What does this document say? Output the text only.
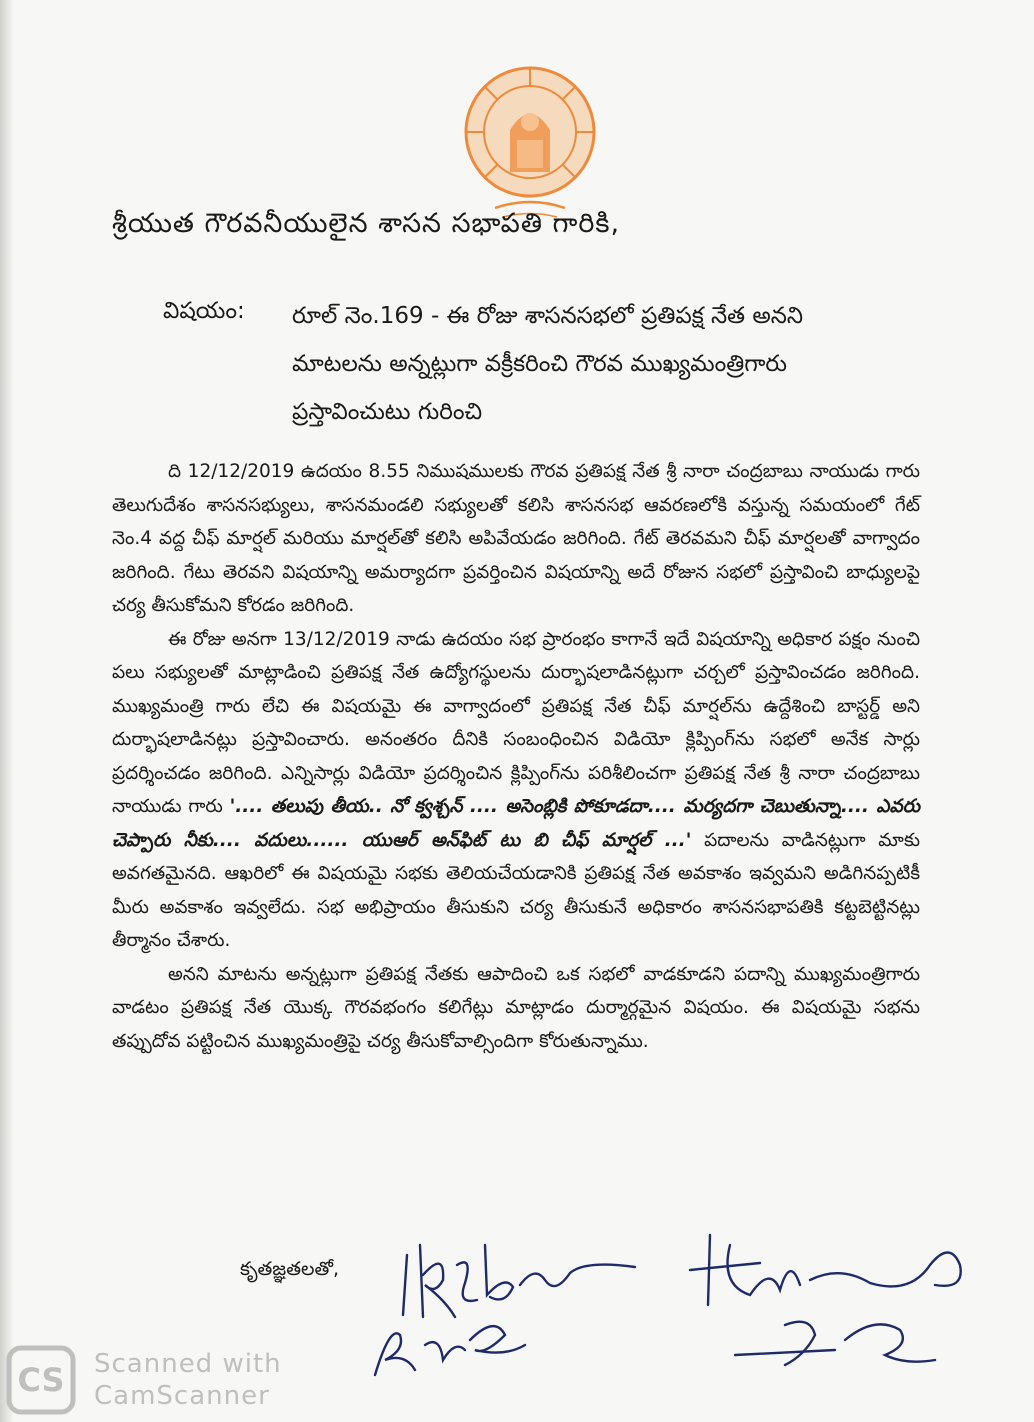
శ్రీయుత గౌరవనీయులైన శాసన సభాపతి గారికి,
విషయం: రూల్ నెం.169 - ఈ రోజు శాసనసభలో ప్రతిపక్ష నేత అనని
మాటలను అన్నట్లుగా వక్రీకరించి గౌరవ ముఖ్యమంత్రిగారు
ప్రస్తావించుటు గురించి

ది 12/12/2019 ఉదయం 8.55 నిముషములకు గౌరవ ప్రతిపక్ష నేత శ్రీ నారా చంద్రబాబు నాయుడు గారు తెలుగుదేశం శాసనసభ్యులు, శాసనమండలి సభ్యులతో కలిసి శాసనసభ ఆవరణలోకి వస్తున్న సమయంలో గేట్ నెం.4 వద్ద చీఫ్ మార్షల్ మరియు మార్షల్‌తో కలిసి అపివేయడం జరిగింది. గేట్ తెరవమని చీఫ్ మార్షలతో వాగ్వాదం జరిగింది. గేటు తెరవని విషయాన్ని అమర్యాదగా ప్రవర్తించిన విషయాన్ని అదే రోజున సభలో ప్రస్తావించి బాధ్యులపై చర్య తీసుకోమని కోరడం జరిగింది.

ఈ రోజు అనగా 13/12/2019 నాడు ఉదయం సభ ప్రారంభం కాగానే ఇదే విషయాన్ని అధికార పక్షం నుంచి పలు సభ్యులతో మాట్లాడించి ప్రతిపక్ష నేత ఉద్యోగస్థులను దుర్భాషలాడినట్లుగా చర్చలో ప్రస్తావించడం జరిగింది. ముఖ్యమంత్రి గారు లేచి ఈ విషయమై ఈ వాగ్వాదంలో ప్రతిపక్ష నేత చీఫ్ మార్షల్‌ను ఉద్దేశించి బాస్టర్డ్ అని దుర్భాషలాడినట్లు ప్రస్తావించారు. అనంతరం దీనికి సంబంధించిన విడియో క్లిప్పింగ్‌ను సభలో అనేక సార్లు ప్రదర్శించడం జరిగింది. ఎన్నిసార్లు విడియో ప్రదర్శించిన క్లిప్పింగ్‌ను పరిశీలించగా ప్రతిపక్ష నేత శ్రీ నారా చంద్రబాబు నాయుడు గారు '.... తలుపు తీయ.. నో క్వశ్చన్ .... అసెంబ్లికి పోకూడదా.... మర్యదగా చెబుతున్నా.... ఎవరు చెప్పారు నీకు.... వదులు...... యుఆర్ అన్‌ఫిట్ టు బి చీఫ్ మార్షల్ ...' పదాలను వాడినట్లుగా మాకు అవగతమైనది. ఆఖరిలో ఈ విషయమై సభకు తెలియచేయడానికి ప్రతిపక్ష నేత అవకాశం ఇవ్వమని అడిగినప్పటికీ మీరు అవకాశం ఇవ్వలేదు. సభ అభిప్రాయం తీసుకుని చర్య తీసుకునే అధికారం శాసనసభాపతికి కట్టబెట్టినట్లు తీర్మానం చేశారు.

అనని మాటను అన్నట్లుగా ప్రతిపక్ష నేతకు ఆపాదించి ఒక సభలో వాడకూడని పదాన్ని ముఖ్యమంత్రిగారు వాడటం ప్రతిపక్ష నేత యొక్క గౌరవభంగం కలిగేట్లు మాట్లాడం దుర్మార్గమైన విషయం. ఈ విషయమై సభను తప్పుదోవ పట్టించిన ముఖ్యమంత్రిపై చర్య తీసుకోవాల్సిందిగా కోరుతున్నాము.

కృతజ్ఞతలతో,
CS Scanned with
CamScanner
